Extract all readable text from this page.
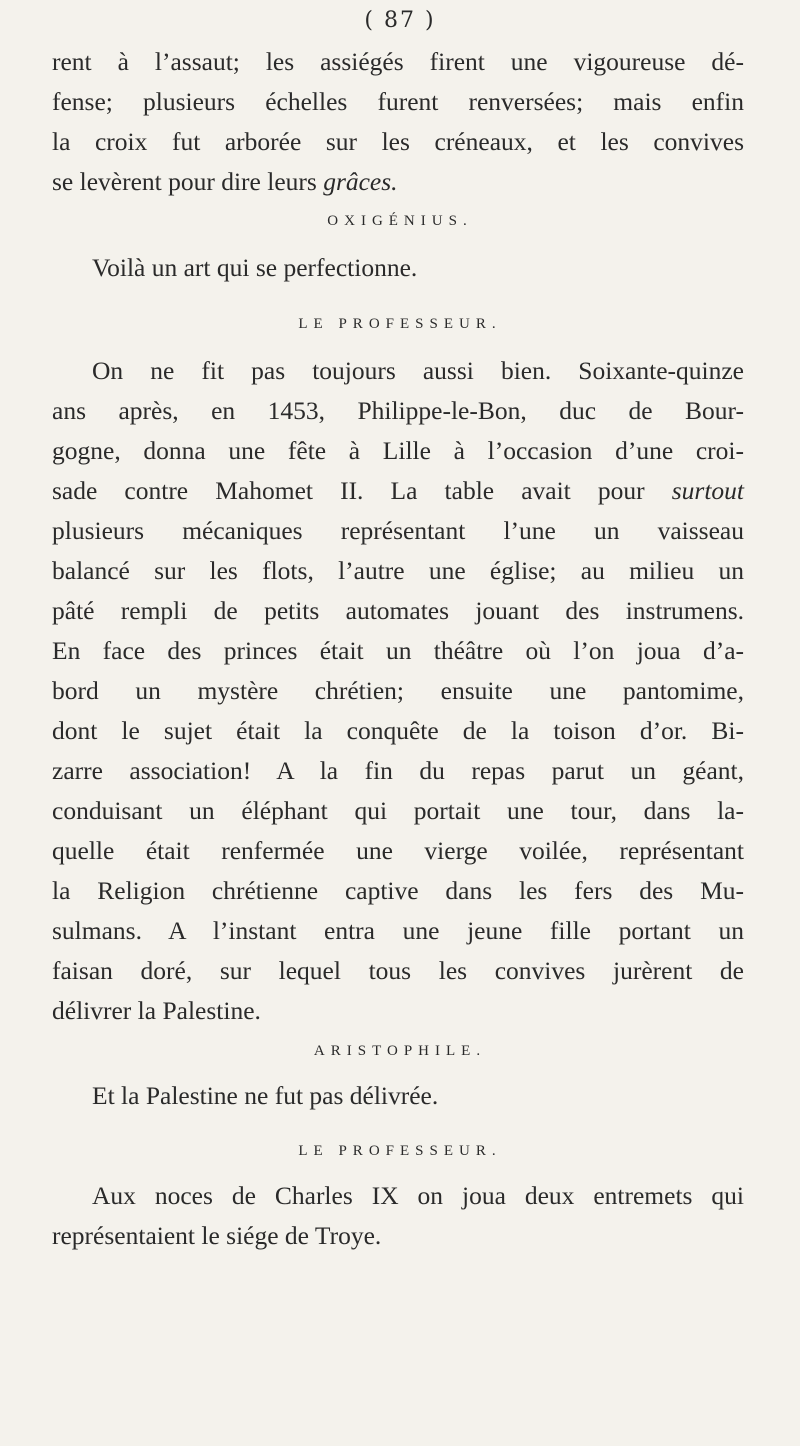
( 87 )
rent à l’assaut; les assiégés firent une vigoureuse dé-
fense; plusieurs échelles furent renversées; mais enfin
la croix fut arborée sur les créneaux, et les convives
se levèrent pour dire leurs grâces.
OXIGÉNIUS.
Voilà un art qui se perfectionne.
LE PROFESSEUR.
On ne fit pas toujours aussi bien. Soixante-quinze
ans après, en 1453, Philippe-le-Bon, duc de Bour-
gogne, donna une fête à Lille à l’occasion d’une croi-
sade contre Mahomet II. La table avait pour surtout
plusieurs mécaniques représentant l’une un vaisseau
balancé sur les flots, l’autre une église; au milieu un
pâté rempli de petits automates jouant des instrumens.
En face des princes était un théâtre où l’on joua d’a-
bord un mystère chrétien; ensuite une pantomime,
dont le sujet était la conquête de la toison d’or. Bi-
zarre association! A la fin du repas parut un géant,
conduisant un éléphant qui portait une tour, dans la-
quelle était renfermée une vierge voilée, représentant
la Religion chrétienne captive dans les fers des Mu-
sulmans. A l’instant entra une jeune fille portant un
faisan doré, sur lequel tous les convives jurèrent de
délivrer la Palestine.
ARISTOPHILE.
Et la Palestine ne fut pas délivrée.
LE PROFESSEUR.
Aux noces de Charles IX on joua deux entremets qui
représentaient le siége de Troye.
